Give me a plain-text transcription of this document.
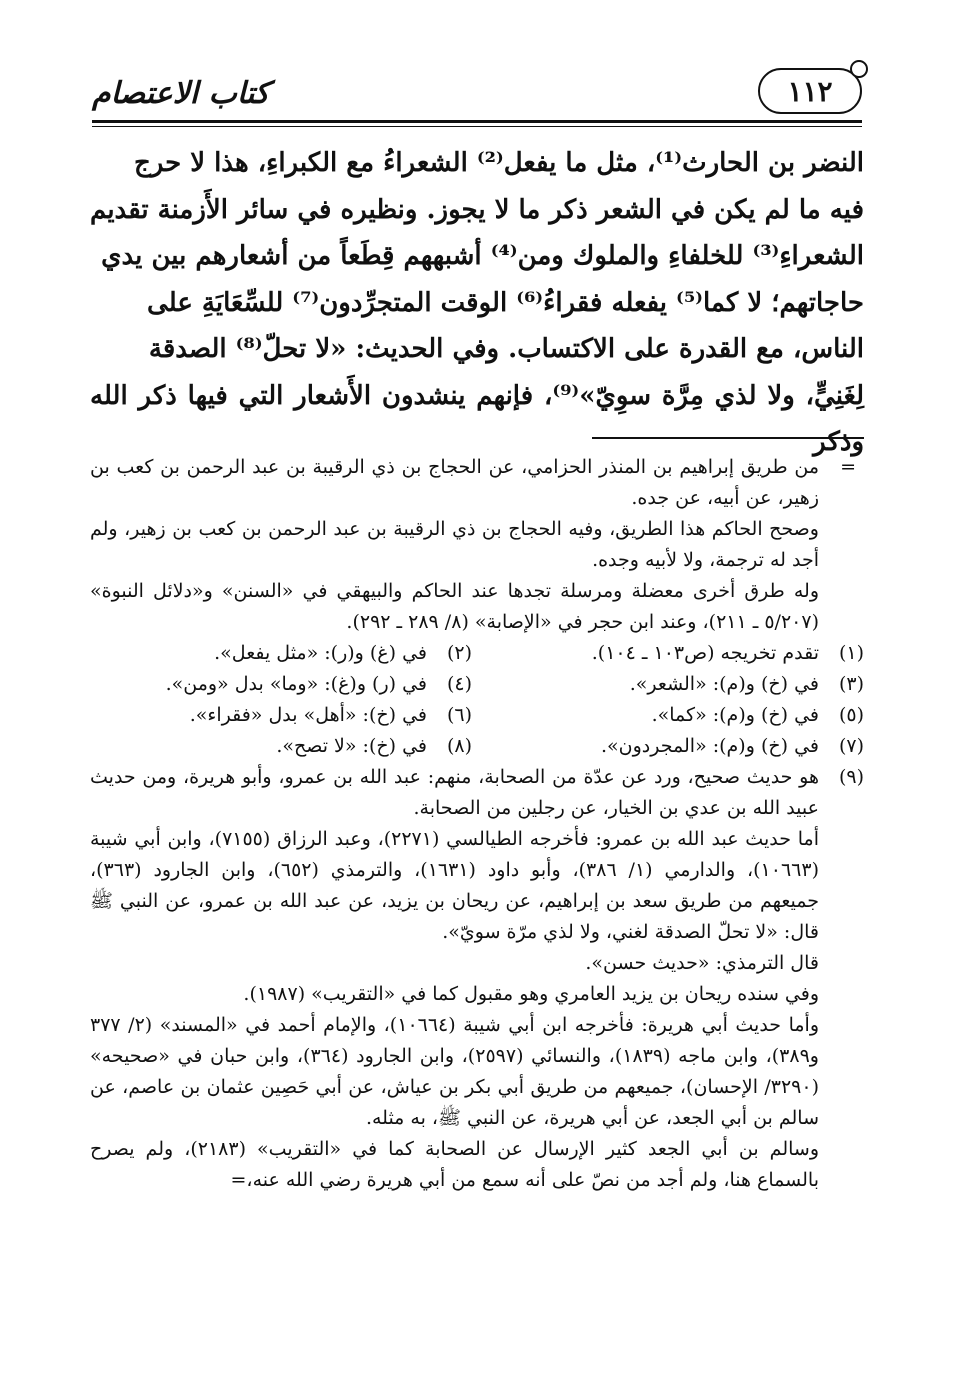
١١٢
كتاب الاعتصام

النضر بن الحارث⁽¹⁾، مثل ما يفعل⁽²⁾ الشعراءُ مع الكبراءِ، هذا لا حرج

فيه ما لم يكن في الشعر ذكر ما لا يجوز. ونظيره في سائر الأَزمنة تقديم

الشعراءِ⁽³⁾ للخلفاءِ والملوك ومن⁽⁴⁾ أشبههم قِطَعاً من أشعارهم بين يدي

حاجاتهم؛ لا كما⁽⁵⁾ يفعله فقراءُ⁽⁶⁾ الوقت المتجرِّدون⁽⁷⁾ للسِّعَايَةِ على

الناس، مع القدرة على الاكتساب. وفي الحديث: «لا تحلّ⁽⁸⁾ الصدقة

لِغَنِيٍّ، ولا لذي مِرَّة سوِيّ»⁽⁹⁾، فإنهم ينشدون الأَشعار التي فيها ذكر الله وذكر

=
من طريق إبراهيم بن المنذر الحزامي، عن الحجاج بن ذي الرقيبة بن عبد الرحمن بن كعب بن زهير، عن أبيه، عن جده.
وصحح الحاكم هذا الطريق، وفيه الحجاج بن ذي الرقيبة بن عبد الرحمن بن كعب بن زهير، ولم أجد له ترجمة، ولا لأبيه وجده.
وله طرق أخرى معضلة ومرسلة تجدها عند الحاكم والبيهقي في «السنن» و«دلائل النبوة» (٥/٢٠٧ ـ ٢١١)، وعند ابن حجر في «الإصابة» (٨/ ٢٨٩ ـ ٢٩٢).
(١)
تقدم تخريجه (ص١٠٣ ـ ١٠٤).
(٢)
في (غ) و(ر): «مثل يفعل».
(٣)
في (خ) و(م): «الشعر».
(٤)
في (ر) و(غ): «وما» بدل «ومن».
(٥)
في (خ) و(م): «كما».
(٦)
في (خ): «أهل» بدل «فقراء».
(٧)
في (خ) و(م): «المجردون».
(٨)
في (خ): «لا تصح».
(٩)

هو حديث صحيح، ورد عن عدّة من الصحابة، منهم: عبد الله بن عمرو، وأبو هريرة، ومن حديث عبيد الله بن عدي بن الخيار، عن رجلين من الصحابة.

أما حديث عبد الله بن عمرو: فأخرجه الطيالسي (٢٢٧١)، وعبد الرزاق (٧١٥٥)، وابن أبي شيبة (١٠٦٦٣)، والدارمي (١/ ٣٨٦)، وأبو داود (١٦٣١)، والترمذي (٦٥٢)، وابن الجارود (٣٦٣)، جميعهم من طريق سعد بن إبراهيم، عن ريحان بن يزيد، عن عبد الله بن عمرو، عن النبي ﷺ قال: «لا تحلّ الصدقة لغني، ولا لذي مرّة سويّ».

قال الترمذي: «حديث حسن».

وفي سنده ريحان بن يزيد العامري وهو مقبول كما في «التقريب» (١٩٨٧).

وأما حديث أبي هريرة: فأخرجه ابن أبي شيبة (١٠٦٦٤)، والإمام أحمد في «المسند» (٢/ ٣٧٧ و٣٨٩)، وابن ماجه (١٨٣٩)، والنسائي (٢٥٩٧)، وابن الجارود (٣٦٤)، وابن حبان في «صحيحه» (٣٢٩٠/ الإحسان)، جميعهم من طريق أبي بكر بن عياش، عن أبي حَصِين عثمان بن عاصم، عن سالم بن أبي الجعد، عن أبي هريرة، عن النبي ﷺ، به مثله.

وسالم بن أبي الجعد كثير الإرسال عن الصحابة كما في «التقريب» (٢١٨٣)، ولم يصرح بالسماع هنا، ولم أجد من نصّ على أنه سمع من أبي هريرة رضي الله عنه،=
